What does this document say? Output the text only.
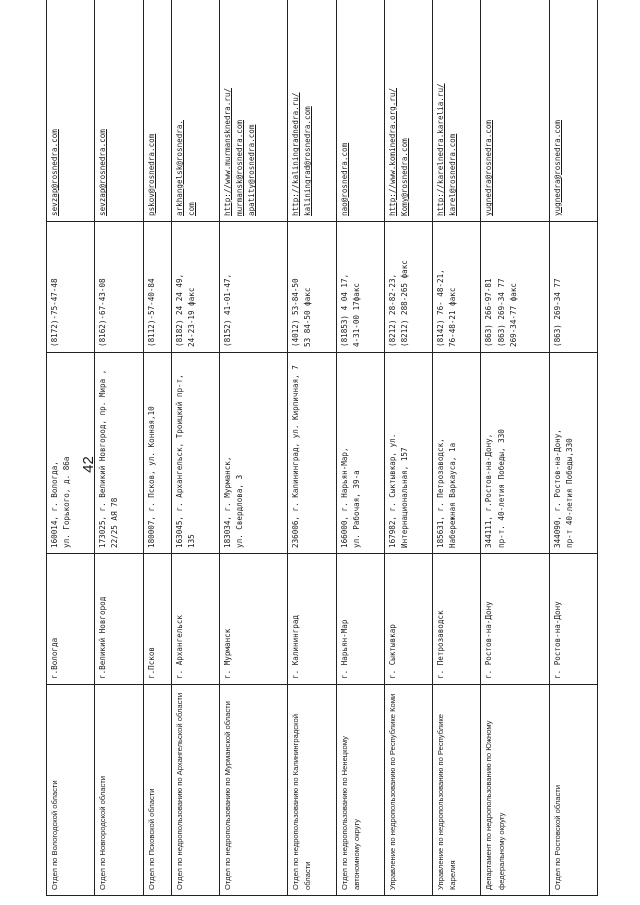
42
Отдел по Вологодской области	г.Вологда	160014, г. Вологда,
ул. Горького, д. 86а	(8172)-75-47-48	sevzap@rosnedra.com

Отдел по Новгородской области	г.Великий Новгород	173025, г. Великий Новгород, пр. Мира , 22/25 АЯ 78	(8162)-67-43-08	sevzap@rosnedra.com

Отдел по Псковской области	г.Псков	180007, г. Псков, ул. Конная,10	(8112)-57-40-84	pskov@rosnedra.com

Отдел по недропользованию по Архангельской области	г. Архангельск	163045, г. Архангельск, Троицкий пр-т, 135	(8182) 24 24 49,
24-23-19 факс	arkhangelsk@rosnedra. com

Отдел по недропользованию по Мурманской области	г. Мурманск	183034, г. Мурманск,
ул. Свердлова, 3	(8152) 41-01-47,	http://www.murmansknedra.ru/ murmansk@rosnedra.com apatity@rosnedra.com

Отдел по недропользованию по Калининградской области	г. Калининград	236006, г. Калининград, ул. Кирпичная, 7	(4012) 53-84-50
53 84-50 факс	http://kaliningradnedra.ru/ kaliningrad@rosnedra.com

Отдел по недропользованию по Ненецкому автономному округу	г. Нарьян-Мар	166000, г. Нарьян-Мар,
ул. Рабочая, 39-а	(81853) 4 04 17,
4-31-00 17факс	nao@rosnedra.com

Управление по недропользованию по Республике Коми	г. Сыктывкар	167982, г. Сыктывкар, ул. Интернациональная, 157	(8212) 28-82-23,
(8212) 288-265 факс	http://www.kominedra.org.ru/ Komy@rosnedra.com

Управление по недропользованию по Республике Карелия	г. Петрозаводск	185631, г. Петрозаводск,
Набережная Варкауса, 1а	(8142) 76- 48-21,
76-48-21 факс	http://karelnedra.karelia.ru/ karel@rosnedra.com

Департамент по недропользованию по Южному федеральному округу	г. Ростов-на-Дону	344111, г.Ростов-на-Дону,
пр-т. 40-летия Победы, 330	(863) 266-97-81
(863) 269-34 77
269-34-77 факс	yugnedra@rosnedra.com

Отдел по Ростовской области	г. Ростов-на-Дону	344090, г. Ростов-на-Дону,
пр-т 40-летия Победы,330	(863) 269-34 77	yugnedra@rosnedra.com
